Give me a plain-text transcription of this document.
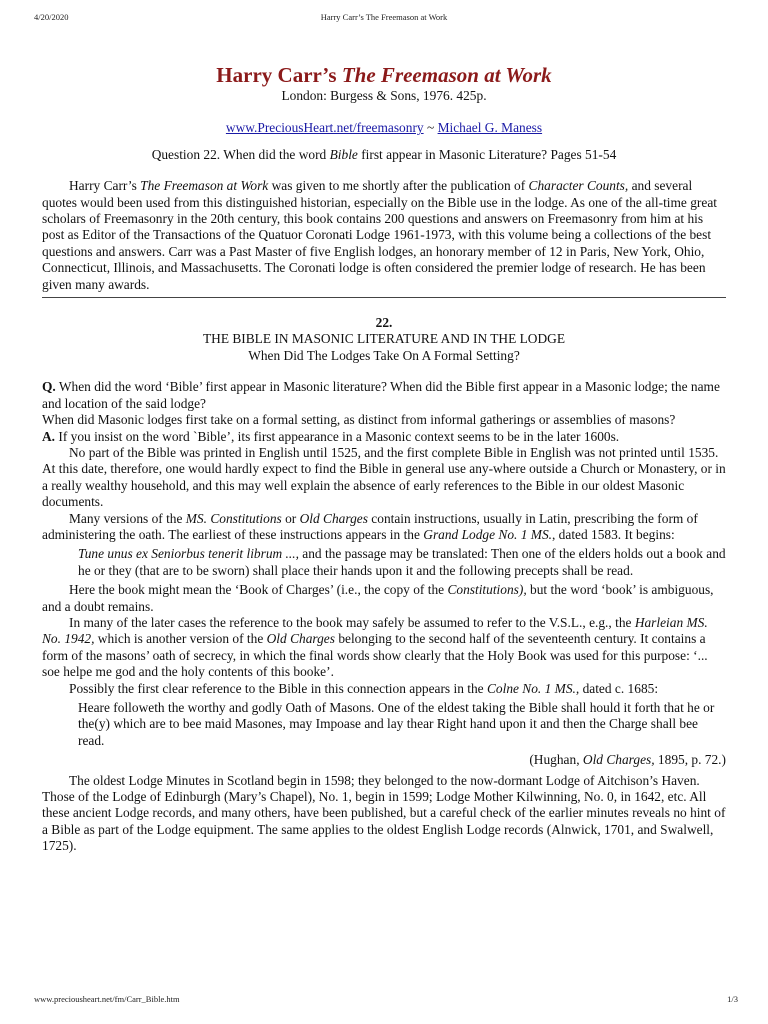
4/20/2020	Harry Carr’s The Freemason at Work
Harry Carr’s The Freemason at Work
London: Burgess & Sons, 1976. 425p.
www.PreciousHeart.net/freemasonry ~ Michael G. Maness
Question 22. When did the word Bible first appear in Masonic Literature? Pages 51-54

Harry Carr’s The Freemason at Work was given to me shortly after the publication of Character Counts, and several quotes would been used from this distinguished historian, especially on the Bible use in the lodge. As one of the all-time great scholars of Freemasonry in the 20th century, this book contains 200 questions and answers on Freemasonry from him at his post as Editor of the Transactions of the Quatuor Coronati Lodge 1961-1973, with this volume being a collections of the best questions and answers. Carr was a Past Master of five English lodges, an honorary member of 12 in Paris, New York, Ohio, Connecticut, Illinois, and Massachusetts. The Coronati lodge is often considered the premier lodge of research. He has been given many awards.

22.
THE BIBLE IN MASONIC LITERATURE AND IN THE LODGE
When Did The Lodges Take On A Formal Setting?

Q. When did the word ‘Bible’ first appear in Masonic literature? When did the Bible first appear in a Masonic lodge; the name and location of the said lodge?

When did Masonic lodges first take on a formal setting, as distinct from informal gatherings or assemblies of masons?

A. If you insist on the word `Bible’, its first appearance in a Masonic context seems to be in the later 1600s.

No part of the Bible was printed in English until 1525, and the first complete Bible in English was not printed until 1535. At this date, therefore, one would hardly expect to find the Bible in general use any-where outside a Church or Monastery, or in a really wealthy household, and this may well explain the absence of early references to the Bible in our oldest Masonic documents.

Many versions of the MS. Constitutions or Old Charges contain instructions, usually in Latin, prescribing the form of administering the oath. The earliest of these instructions appears in the Grand Lodge No. 1 MS., dated 1583. It begins:

Tune unus ex Seniorbus tenerit librum ..., and the passage may be translated: Then one of the elders holds out a book and he or they (that are to be sworn) shall place their hands upon it and the following precepts shall be read.

Here the book might mean the ‘Book of Charges’ (i.e., the copy of the Constitutions), but the word ‘book’ is ambiguous, and a doubt remains.

In many of the later cases the reference to the book may safely be assumed to refer to the V.S.L., e.g., the Harleian MS. No. 1942, which is another version of the Old Charges belonging to the second half of the seventeenth century. It contains a form of the masons’ oath of secrecy, in which the final words show clearly that the Holy Book was used for this purpose: ‘... soe helpe me god and the holy contents of this booke’.

Possibly the first clear reference to the Bible in this connection appears in the Colne No. 1 MS., dated c. 1685:

Heare followeth the worthy and godly Oath of Masons. One of the eldest taking the Bible shall hould it forth that he or the(y) which are to bee maid Masones, may Impoase and lay thear Right hand upon it and then the Charge shall bee read.

(Hughan, Old Charges, 1895, p. 72.)

The oldest Lodge Minutes in Scotland begin in 1598; they belonged to the now-dormant Lodge of Aitchison’s Haven. Those of the Lodge of Edinburgh (Mary’s Chapel), No. 1, begin in 1599; Lodge Mother Kilwinning, No. 0, in 1642, etc. All these ancient Lodge records, and many others, have been published, but a careful check of the earlier minutes reveals no hint of a Bible as part of the Lodge equipment. The same applies to the oldest English Lodge records (Alnwick, 1701, and Swalwell, 1725).

www.preciousheart.net/fm/Carr_Bible.htm	1/3
